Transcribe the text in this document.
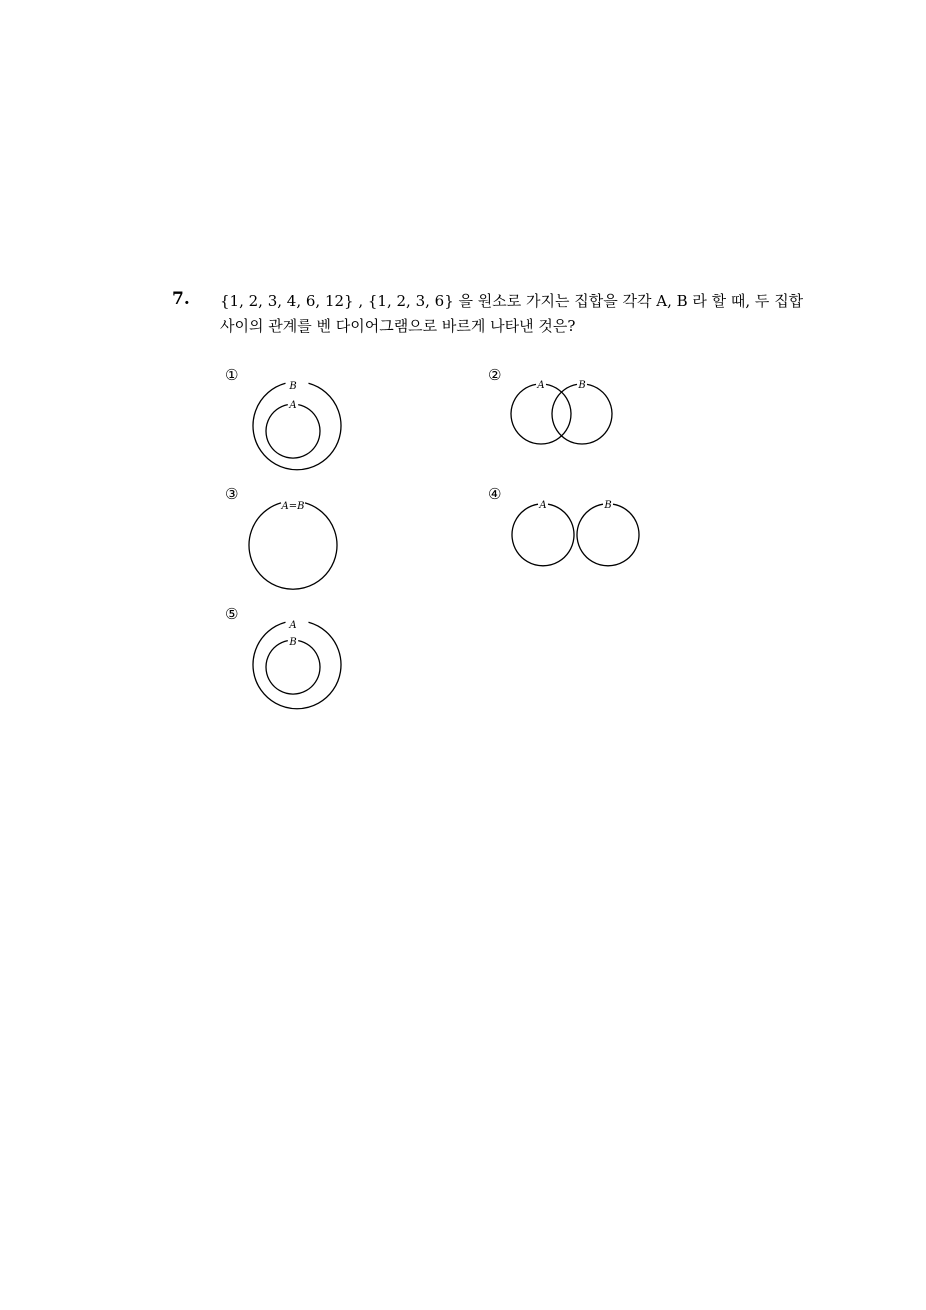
7. {1, 2, 3, 4, 6, 12} , {1, 2, 3, 6} 을 원소로 가지는 집합을 각각 A, B 라 할 때, 두 집합
사이의 관계를 벤 다이어그램으로 바르게 나타낸 것은?
①
B
A
②
A	B
③
A=B
④
A	B
⑤
A
B
